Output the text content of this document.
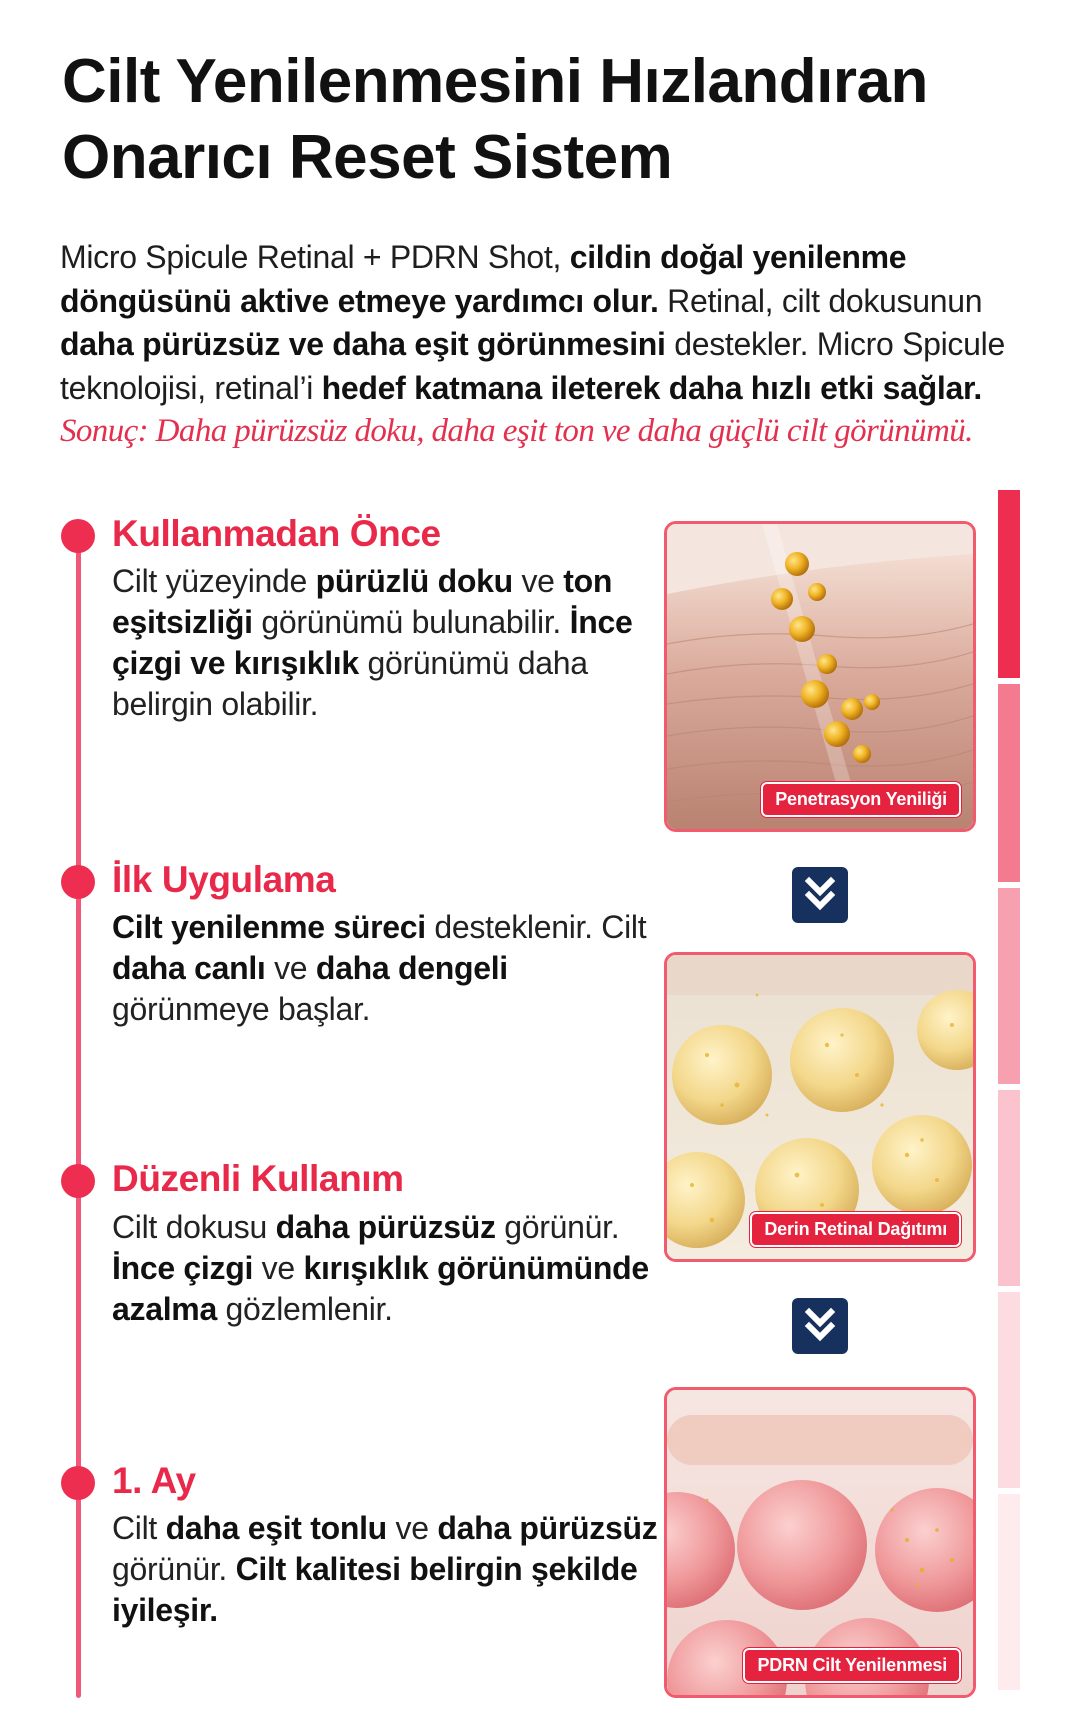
Cilt Yenilenmesini Hızlandıran
Onarıcı Reset Sistem

Micro Spicule Retinal + PDRN Shot, cildin doğal yenilenme döngüsünü aktive etmeye yardımcı olur. Retinal, cilt dokusunun daha pürüzsüz ve daha eşit görünmesini destekler. Micro Spicule teknolojisi, retinal’i hedef katmana ileterek daha hızlı etki sağlar.
Sonuç: Daha pürüzsüz doku, daha eşit ton ve daha güçlü cilt görünümü.

Kullanmadan Önce

Cilt yüzeyinde pürüzlü doku ve ton eşitsizliği görünümü bulunabilir. İnce çizgi ve kırışıklık görünümü daha belirgin olabilir.

İlk Uygulama

Cilt yenilenme süreci desteklenir. Cilt daha canlı ve daha dengeli görünmeye başlar.

Düzenli Kullanım

Cilt dokusu daha pürüzsüz görünür. İnce çizgi ve kırışıklık görünümünde azalma gözlemlenir.

1. Ay

Cilt daha eşit tonlu ve daha pürüzsüz görünür. Cilt kalitesi belirgin şekilde iyileşir.

Penetrasyon Yeniliği
Derin Retinal Dağıtımı
PDRN Cilt Yenilenmesi
